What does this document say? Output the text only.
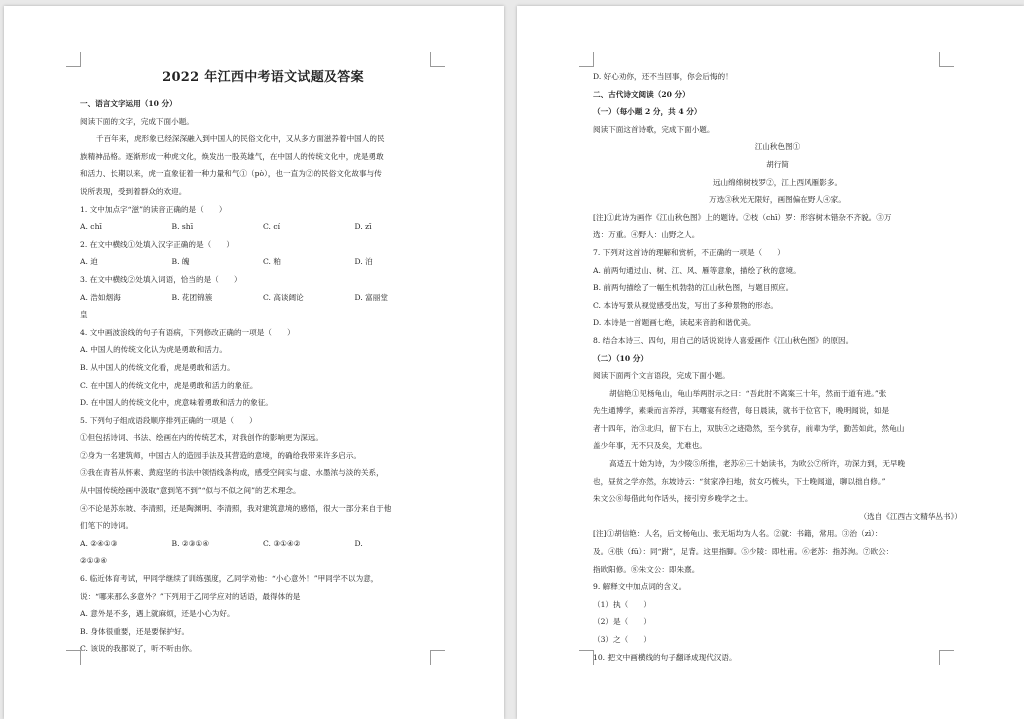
2022 年江西中考语文试题及答案
一、语言文字运用（10 分）
阅读下面的文字，完成下面小题。
千百年来，虎形象已经深深融入到中国人的民俗文化中，又从多方面滋养着中国人的民
族精神品格。逐渐形成一种虎文化，焕发出一股英雄气，在中国人的传统文化中，虎是勇敢
和活力、长期以来，虎一直象征着一种力量和气①（pò），也一直为②的民俗文化故事与传
说所表现，受到着群众的欢迎。
1. 文中加点字“滋”的读音正确的是（　　）
A. chī	B. shī	C. cí	D. zī
2. 在文中横线①处填入汉字正确的是（　　）
A. 迫	B. 魄	C. 粕	D. 泊
3. 在文中横线②处填入词语，恰当的是（　　）
A. 浩如烟海	B. 花团锦簇	C. 高谈阔论	D. 富丽堂
皇
4. 文中画波浪线的句子有语病，下列修改正确的一项是（　　）
A. 中国人的传统文化认为虎是勇敢和活力。
B. 从中国人的传统文化看，虎是勇敢和活力。
C. 在中国人的传统文化中，虎是勇敢和活力的象征。
D. 在中国人的传统文化中，虎意味着勇敢和活力的象征。
5. 下列句子组成语段顺序排列正确的一项是（　　）
①但包括诗词、书法、绘画在内的传统艺术，对我创作的影响更为深远。
②身为一名建筑师，中国古人的造园手法及其营造的意境，的确给我带来许多启示。
③我在青苔从怀素、黄庭坚的书法中领悟线条构成，感受空间实与虚、水墨浓与淡的关系，
从中国传统绘画中汲取“意到笔不到”“似与不似之间”的艺术理念。
④不论是苏东坡、李清照，还是陶渊明、李清照，我对建筑意境的感悟，很大一部分来自于他
们笔下的诗词。
A. ②④①③	B. ②③①④	C. ③①④②	D.
②①③④
6. 临近体育考试，甲同学继续了训练强度，乙同学劝他：“小心意外！”甲同学不以为意，
说：“哪来那么多意外？”下列用于乙同学应对的话语，最得体的是
A. 意外是不多，遇上就麻烦，还是小心为好。
B. 身体很重要，还是要保护好。
C. 该说的我都说了，听不听由你。
D. 好心劝你，还不当回事，你会后悔的！
二、古代诗文阅读（20 分）
（一）（每小题 2 分，共 4 分）
阅读下面这首诗歌，完成下面小题。
江山秋色图①
胡行简
远山绵绵树枝罗②，江上西风雁影多。
万选③秋光无限好，画图偏在野人④家。
[注]①此诗为画作《江山秋色图》上的题诗。②枝（chī）罗：形容树木错杂不齐貌。③万
选：万重。④野人：山野之人。
7. 下列对这首诗的理解和赏析，不正确的一项是（　　）
A. 前两句通过山、树、江、风、雁等意象，描绘了秋的意境。
B. 前两句描绘了一幅生机勃勃的江山秋色图，与题目照应。
C. 本诗写景从视觉感受出发，写出了多种景物的形态。
D. 本诗是一首题画七绝，读起来音韵和谐优美。
8. 结合本诗三、四句，用自己的话说说诗人喜爱画作《江山秋色图》的原因。
（二）（10 分）
阅读下面两个文言语段，完成下面小题。
胡信艳①见杨龟山，龟山举两肘示之曰：“吾此肘不离案三十年，然而于道有进。”张
先生通博学，素秉而言养浮，其曙宴有经营，每日晨读，就书于位官下，晚明闻说，如是
者十四年，治③北归，留下右上，双肤④之迹隐然，至今犹存，前辈为学，勤苦如此，然龟山
盖少年事，无不只及矣，尤难也。
高适五十始为诗，为少陵⑤所推，老苏⑥三十始读书，为欧公⑦所许，功深力到，无早晚
也，昼贫之学亦然，东坡诗云：“贫家净扫地，贫女巧梳头，下士晚闻道，聊以拙自修。”
朱文公⑧每借此句作话头，接引穷乡晚学之士。
（选自《江西古文精华丛书》）
[注]①胡信艳：人名，后文杨龟山、张无垢均为人名。②就：书籍，常用。③治（zì）：
及。④肤（fū）：同“跗”，足背。这里指脚。⑤少陵：即杜甫。⑥老苏：指苏洵。⑦欧公：
指欧阳修。⑧朱文公：即朱熹。
9. 解释文中加点词的含义。
（1）执（　　）
（2）是（　　）
（3）之（　　）
10. 把文中画横线的句子翻译成现代汉语。
